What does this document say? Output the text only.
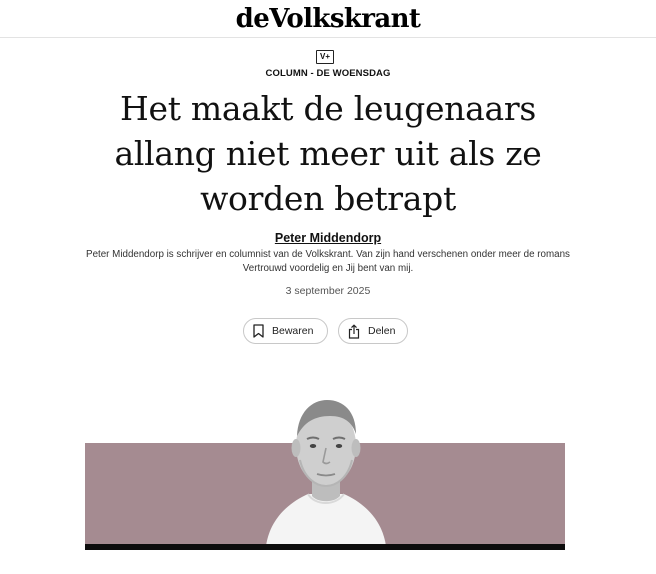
deVolkskrant
V+
COLUMN - DE WOENSDAG
Het maakt de leugenaars allang niet meer uit als ze worden betrapt
Peter Middendorp

Peter Middendorp is schrijver en columnist van de Volkskrant. Van zijn hand verschenen onder meer de romans Vertrouwd voordelig en Jij bent van mij.

3 september 2025
Bewaren	Delen
